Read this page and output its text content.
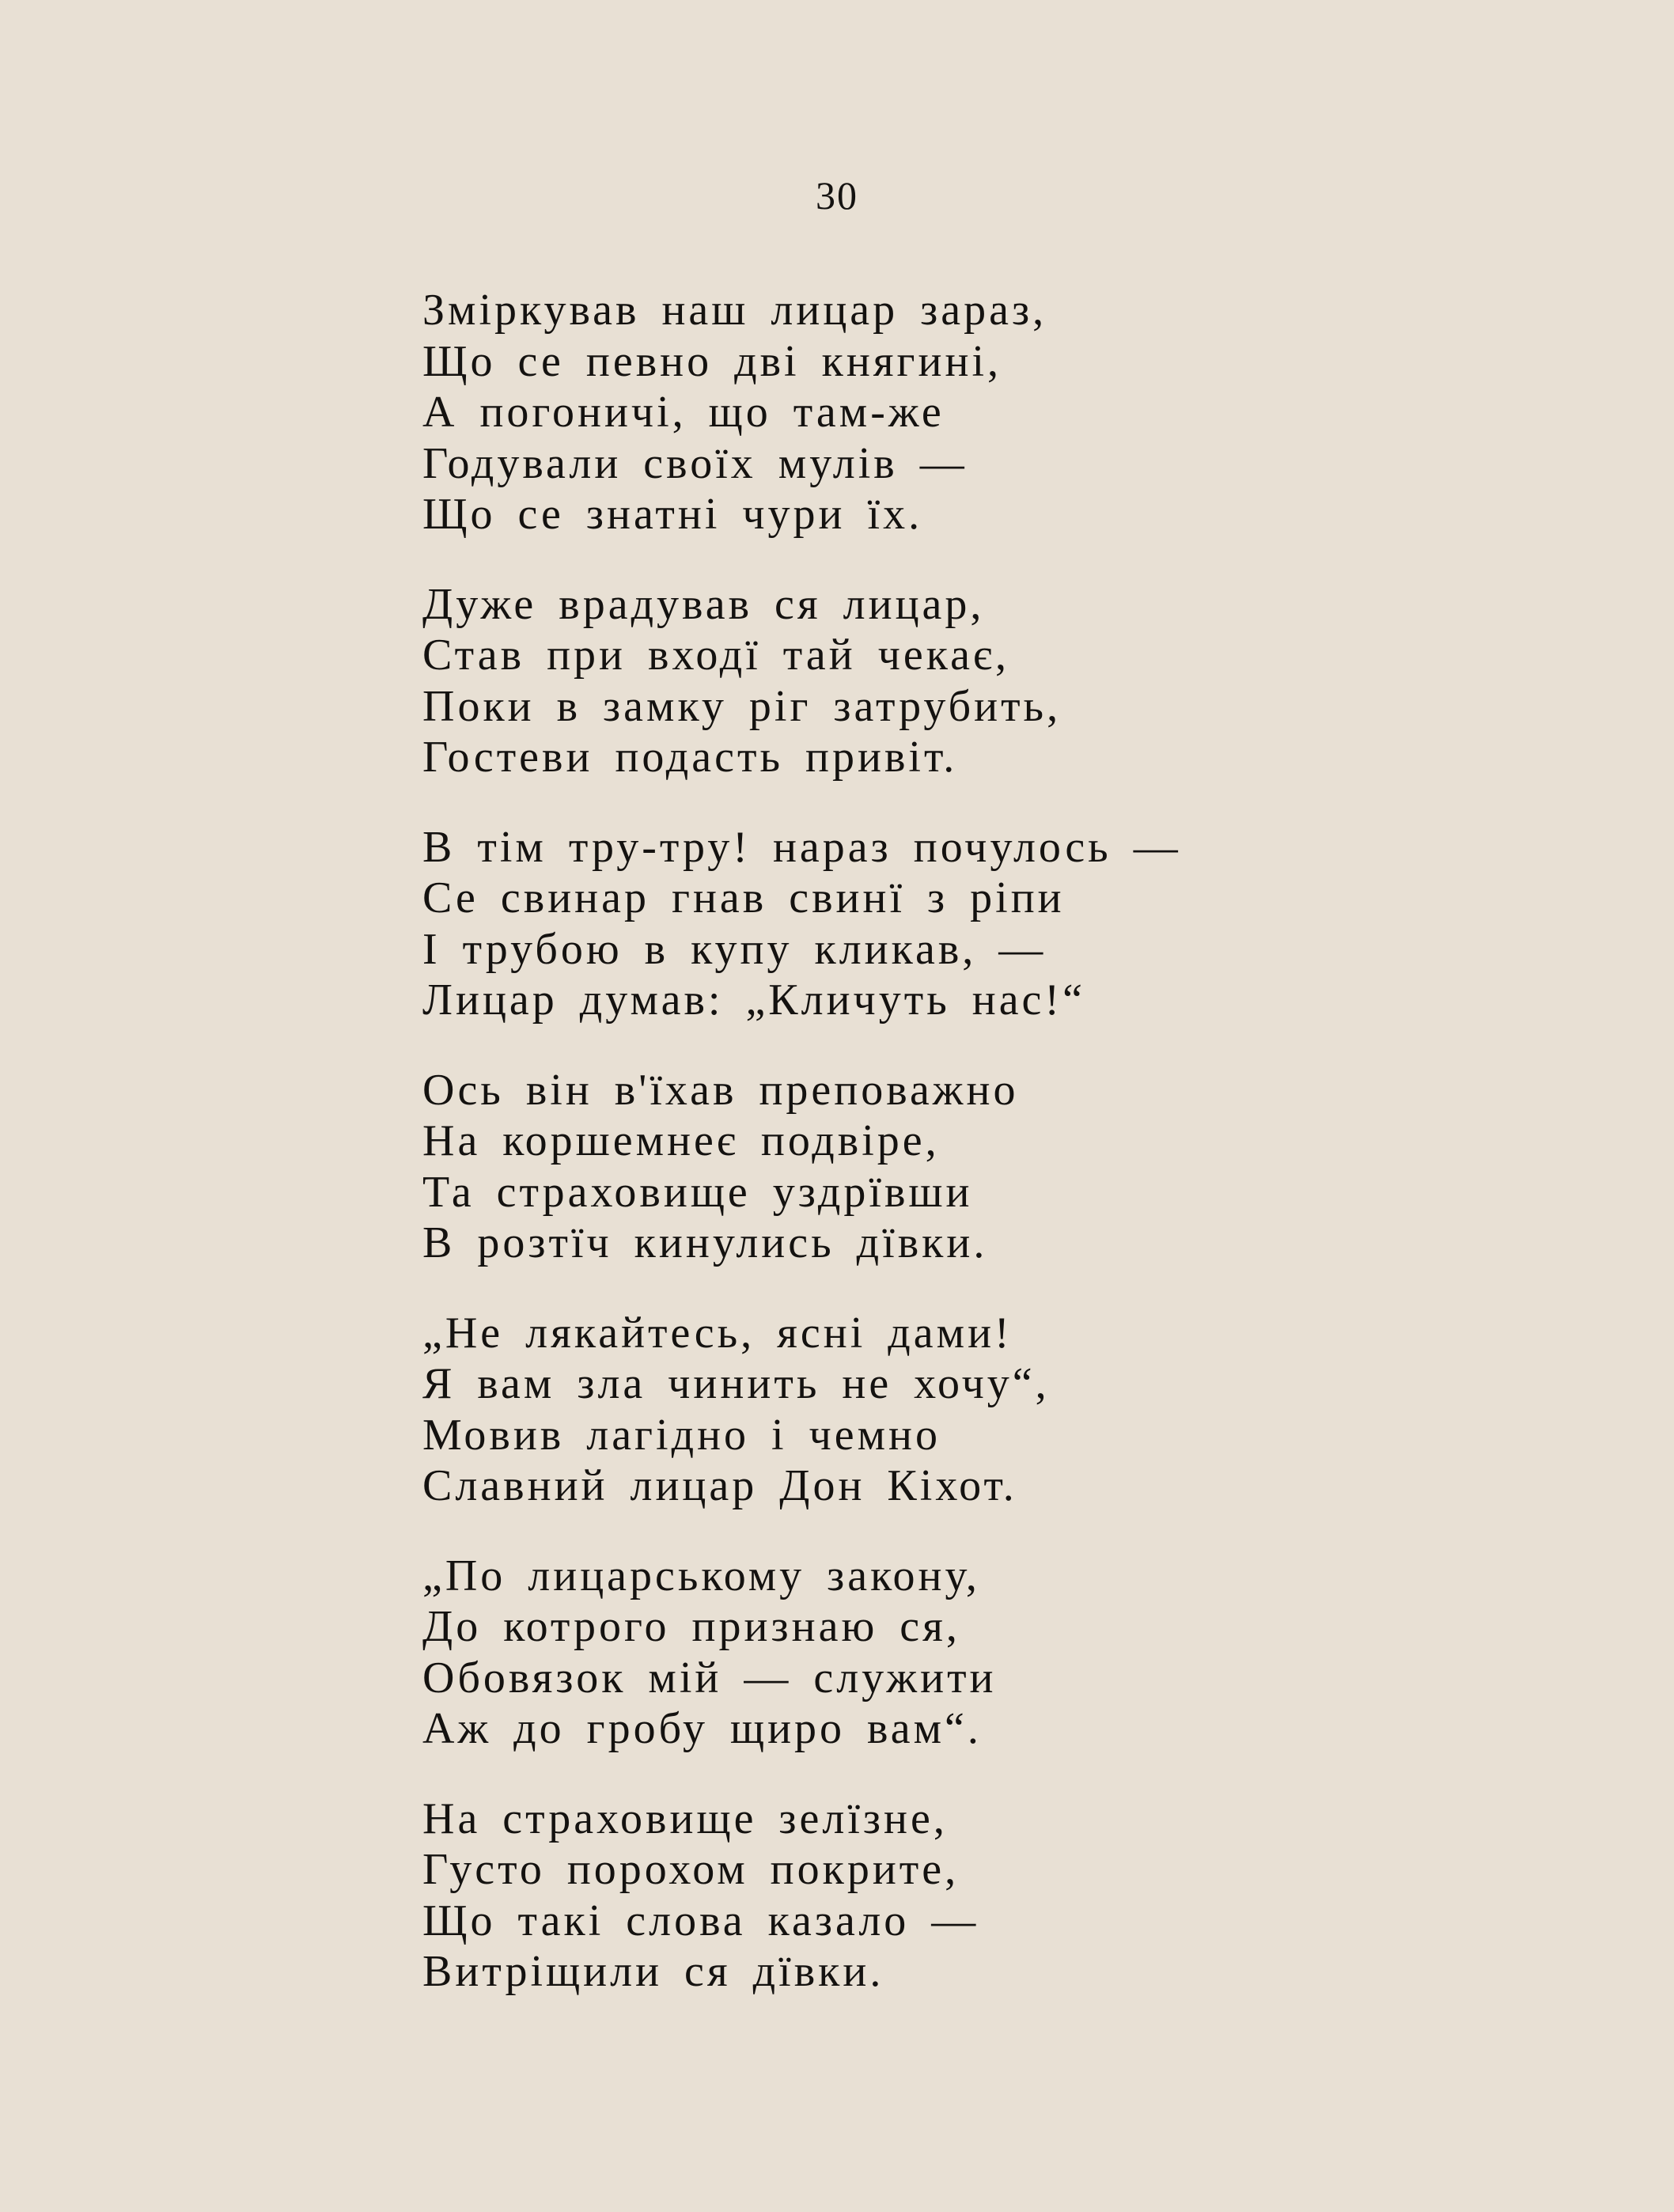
30
Зміркував наш лицар зараз,
Що се певно дві княгині,
А погоничі, що там-же
Годували своїх мулів —
Що се знатні чури їх.
Дуже врадував ся лицар,
Став при входї тай чекає,
Поки в замку ріг затрубить,
Гостеви подасть привіт.
В тім тру-тру! нараз почулось —
Се свинар гнав свинї з ріпи
І трубою в купу кликав, —
Лицар думав: „Кличуть нас!“
Ось він в'їхав преповажно
На коршемнеє подвіре,
Та страховище уздрївши
В розтїч кинулись дївки.
„Не лякайтесь, ясні дами!
Я вам зла чинить не хочу“,
Мовив лагідно і чемно
Славний лицар Дон Кіхот.
„По лицарському закону,
До котрого признаю ся,
Обовязок мій — служити
Аж до гробу щиро вам“.
На страховище зелїзне,
Густо порохом покрите,
Що такі слова казало —
Витріщили ся дївки.
